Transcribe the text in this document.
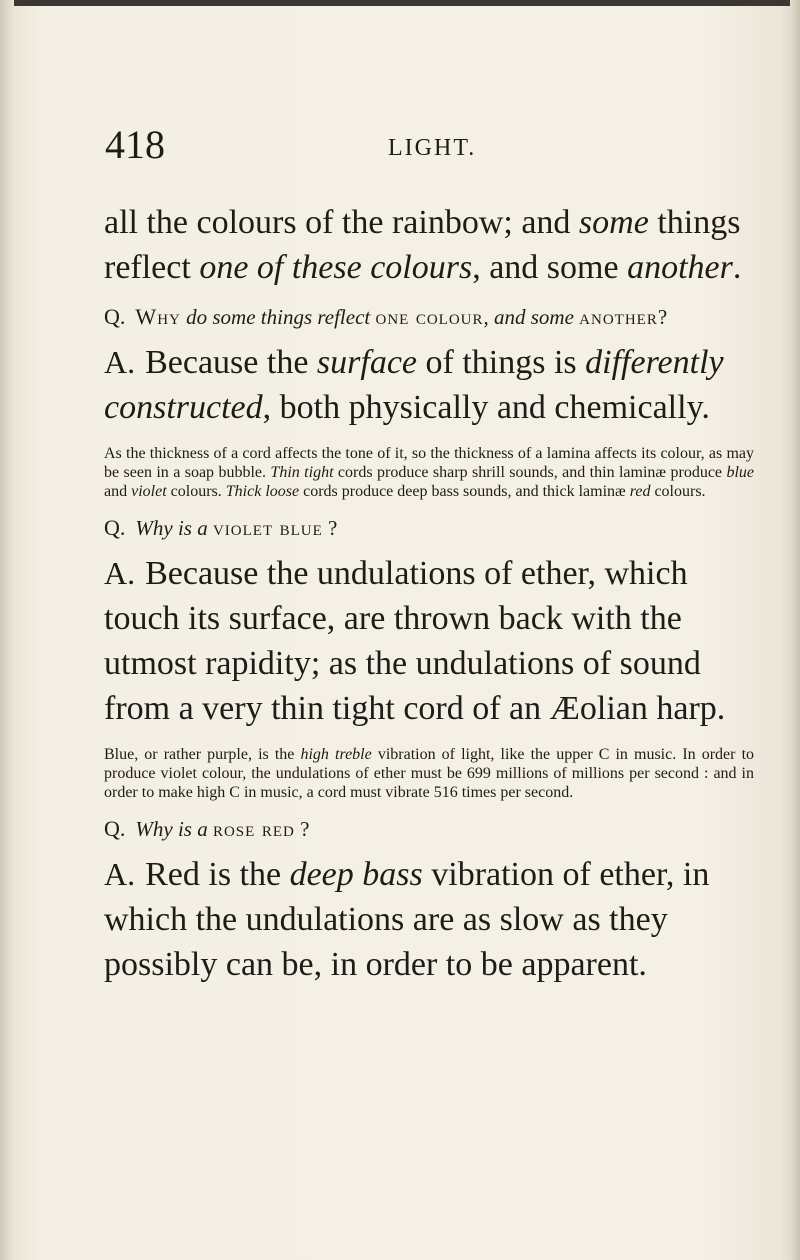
418	LIGHT.

all the colours of the rainbow; and some things reflect one of these colours, and some another.

Q. Why do some things reflect one colour, and some another?

A. Because the surface of things is differently constructed, both physically and chemically.

As the thickness of a cord affects the tone of it, so the thickness of a lamina affects its colour, as may be seen in a soap bubble. Thin tight cords produce sharp shrill sounds, and thin laminæ produce blue and violet colours. Thick loose cords produce deep bass sounds, and thick laminæ red colours.

Q. Why is a violet blue ?

A. Because the undulations of ether, which touch its surface, are thrown back with the utmost rapidity; as the undulations of sound from a very thin tight cord of an Æolian harp.

Blue, or rather purple, is the high treble vibration of light, like the upper C in music. In order to produce violet colour, the undulations of ether must be 699 millions of millions per second : and in order to make high C in music, a cord must vibrate 516 times per second.

Q. Why is a rose red ?

A. Red is the deep bass vibration of ether, in which the undulations are as slow as they possibly can be, in order to be apparent.
